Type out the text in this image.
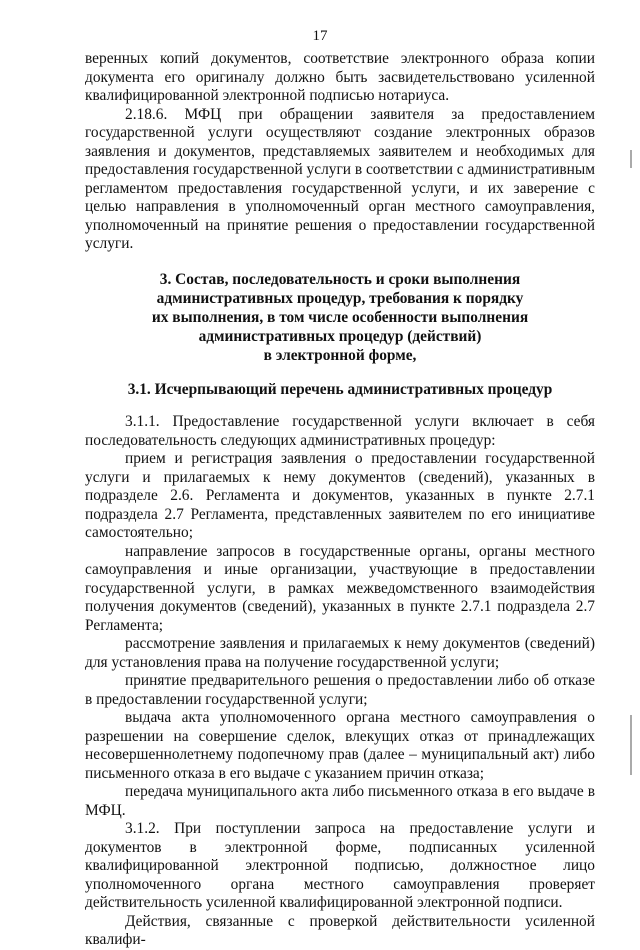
17

веренных копий документов, соответствие электронного образа копии документа его оригиналу должно быть засвидетельствовано усиленной квалифицированной электронной подписью нотариуса.

2.18.6. МФЦ при обращении заявителя за предоставлением государственной услуги осуществляют создание электронных образов заявления и документов, представляемых заявителем и необходимых для предоставления государственной услуги в соответствии с административным регламентом предоставления государственной услуги, и их заверение с целью направления в уполномоченный орган местного самоуправления, уполномоченный на принятие решения о предоставлении государственной услуги.

3. Состав, последовательность и сроки выполнения
административных процедур, требования к порядку
их выполнения, в том числе особенности выполнения
административных процедур (действий)
в электронной форме,
3.1. Исчерпывающий перечень административных процедур

3.1.1. Предоставление государственной услуги включает в себя последовательность следующих административных процедур:

прием и регистрация заявления о предоставлении государственной услуги и прилагаемых к нему документов (сведений), указанных в подразделе 2.6. Регламента и документов, указанных в пункте 2.7.1 подраздела 2.7 Регламента, представленных заявителем по его инициативе самостоятельно;

направление запросов в государственные органы, органы местного самоуправления и иные организации, участвующие в предоставлении государственной услуги, в рамках межведомственного взаимодействия получения документов (сведений), указанных в пункте 2.7.1 подраздела 2.7 Регламента;

рассмотрение заявления и прилагаемых к нему документов (сведений) для установления права на получение государственной услуги;

принятие предварительного решения о предоставлении либо об отказе в предоставлении государственной услуги;

выдача акта уполномоченного органа местного самоуправления о разрешении на совершение сделок, влекущих отказ от принадлежащих несовершеннолетнему подопечному прав (далее – муниципальный акт) либо письменного отказа в его выдаче с указанием причин отказа;

передача муниципального акта либо письменного отказа в его выдаче в МФЦ.

3.1.2. При поступлении запроса на предоставление услуги и документов в электронной форме, подписанных усиленной квалифицированной электронной подписью, должностное лицо уполномоченного органа местного самоуправления проверяет действительность усиленной квалифицированной электронной подписи.

Действия, связанные с проверкой действительности усиленной квалифи-
